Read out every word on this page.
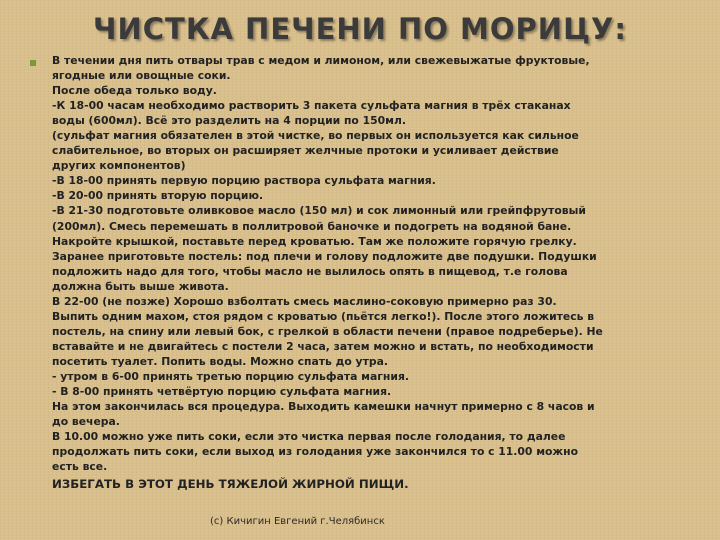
ЧИСТКА ПЕЧЕНИ ПО МОРИЦУ:
В течении дня пить отвары трав с медом и лимоном, или свежевыжатые фруктовые,
ягодные или овощные соки.
После обеда только воду.
-К 18-00 часам необходимо растворить 3 пакета сульфата магния в трёх стаканах
воды (600мл). Всё это разделить на 4 порции по 150мл.
(сульфат магния обязателен в этой чистке, во первых он используется как сильное
слабительное, во вторых он расширяет желчные протоки и усиливает действие
других компонентов)
-В 18-00 принять первую порцию раствора сульфата магния.
-В 20-00 принять вторую порцию.
-В 21-30 подготовьте оливковое масло (150 мл) и сок лимонный или грейпфрутовый
(200мл). Смесь перемешать в поллитровой баночке и подогреть на водяной бане.
Накройте крышкой, поставьте перед кроватью. Там же положите горячую грелку.
Заранее приготовьте постель: под плечи и голову подложите две подушки. Подушки
подложить надо для того, чтобы масло не вылилось опять в пищевод, т.е голова
должна быть выше живота.
В 22-00 (не позже) Хорошо взболтать смесь маслино-соковую примерно раз 30.
Выпить одним махом, стоя рядом с кроватью (пьётся легко!). После этого ложитесь в
постель, на спину или левый бок, с грелкой в области печени (правое подреберье). Не
вставайте и не двигайтесь с постели 2 часа, затем можно и встать, по необходимости
посетить туалет. Попить воды. Можно спать до утра.
- утром в 6-00 принять третью порцию сульфата магния.
- В 8-00 принять четвёртую порцию сульфата магния.
На этом закончилась вся процедура. Выходить камешки начнут примерно с 8 часов и
до вечера.
В 10.00 можно уже пить соки, если это чистка первая после голодания, то далее
продолжать пить соки, если выход из голодания уже закончился то с 11.00 можно
есть все.
ИЗБЕГАТЬ В ЭТОТ ДЕНЬ ТЯЖЕЛОЙ ЖИРНОЙ ПИЩИ.
(с) Кичигин Евгений г.Челябинск
